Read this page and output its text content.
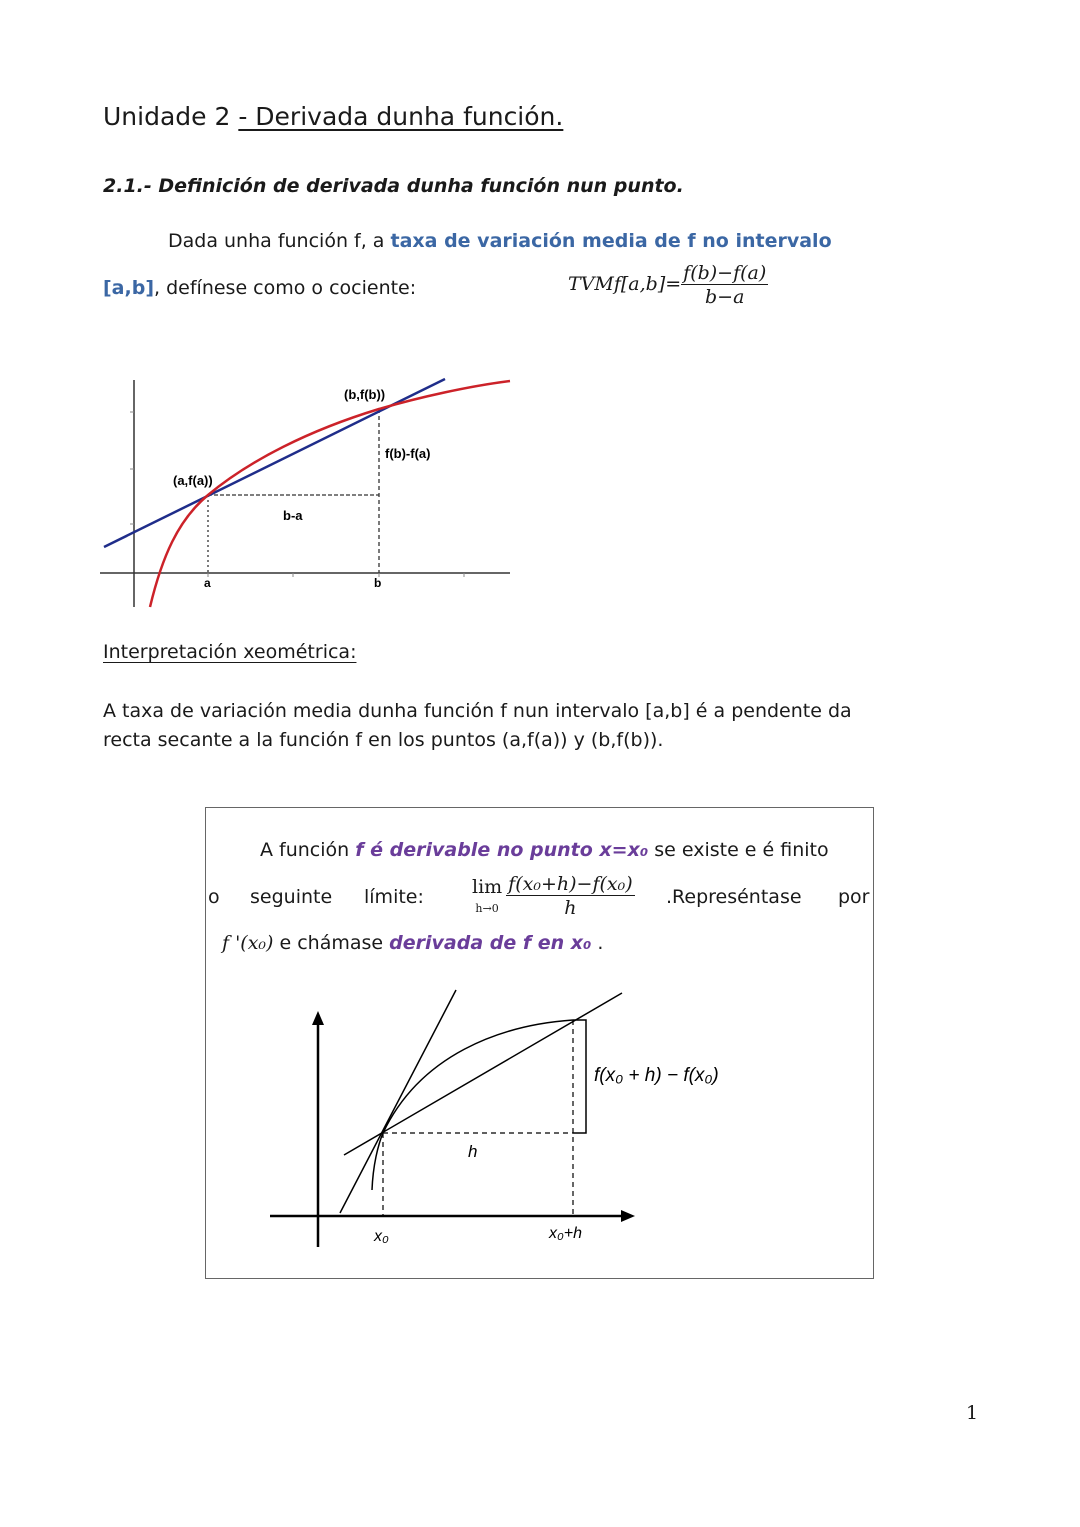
Unidade 2 - Derivada dunha función.
2.1.- Definición de derivada dunha función nun punto.
Dada unha función f, a taxa de variación media de f no intervalo
[a,b], defínese como o cociente:	TVMf[a,b]= $\frac{f(b)-f(a)}{b-a}$
(b,f(b))
(a,f(a))
f(b)-f(a)
b-a
a	b
Interpretación xeométrica:
A taxa de variación media dunha función f nun intervalo [a,b] é a pendente da recta secante a la función f en los puntos (a,f(a)) y (b,f(b)).
A función f é derivable no punto x=x₀ se existe e é finito
o seguinte límite:	lim
$h\to 0 \frac{\text{f(x₀+h)−f(x₀)}}{h}$ .Represéntase por
f '(x₀) e chámase derivada de f en x₀ .
f(x₀ + h) − f(x₀)
h
x₀	x₀+h
1
